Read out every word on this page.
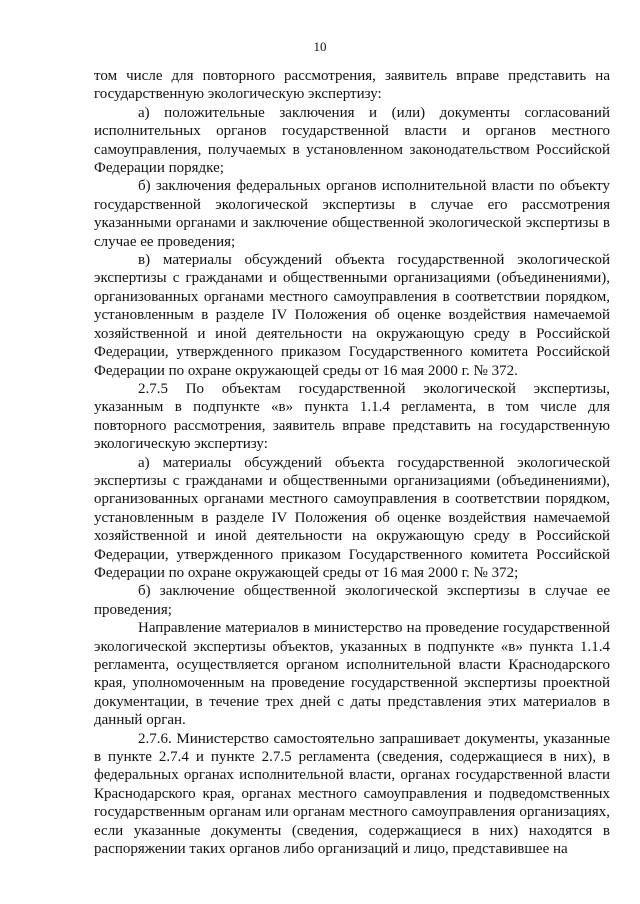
10

том числе для повторного рассмотрения, заявитель вправе представить на государственную экологическую экспертизу:

а) положительные заключения и (или) документы согласований исполнительных органов государственной власти и органов местного самоуправления, получаемых в установленном законодательством Российской Федерации порядке;

б) заключения федеральных органов исполнительной власти по объекту государственной экологической экспертизы в случае его рассмотрения указанными органами и заключение общественной экологической экспертизы в случае ее проведения;

в) материалы обсуждений объекта государственной экологической экспертизы с гражданами и общественными организациями (объединениями), организованных органами местного самоуправления в соответствии порядком, установленным в разделе IV Положения об оценке воздействия намечаемой хозяйственной и иной деятельности на окружающую среду в Российской Федерации, утвержденного приказом Государственного комитета Российской Федерации по охране окружающей среды от 16 мая 2000 г. № 372.

2.7.5 По объектам государственной экологической экспертизы, указанным в подпункте «в» пункта 1.1.4 регламента, в том числе для повторного рассмотрения, заявитель вправе представить на государственную экологическую экспертизу:

а) материалы обсуждений объекта государственной экологической экспертизы с гражданами и общественными организациями (объединениями), организованных органами местного самоуправления в соответствии порядком, установленным в разделе IV Положения об оценке воздействия намечаемой хозяйственной и иной деятельности на окружающую среду в Российской Федерации, утвержденного приказом Государственного комитета Российской Федерации по охране окружающей среды от 16 мая 2000 г. № 372;

б) заключение общественной экологической экспертизы в случае ее проведения;

Направление материалов в министерство на проведение государственной экологической экспертизы объектов, указанных в подпункте «в» пункта 1.1.4 регламента, осуществляется органом исполнительной власти Краснодарского края, уполномоченным на проведение государственной экспертизы проектной документации, в течение трех дней с даты представления этих материалов в данный орган.

2.7.6. Министерство самостоятельно запрашивает документы, указанные в пункте 2.7.4 и пункте 2.7.5 регламента (сведения, содержащиеся в них), в федеральных органах исполнительной власти, органах государственной власти Краснодарского края, органах местного самоуправления и подведомственных государственным органам или органам местного самоуправления организациях, если указанные документы (сведения, содержащиеся в них) находятся в распоряжении таких органов либо организаций и лицо, представившее на
